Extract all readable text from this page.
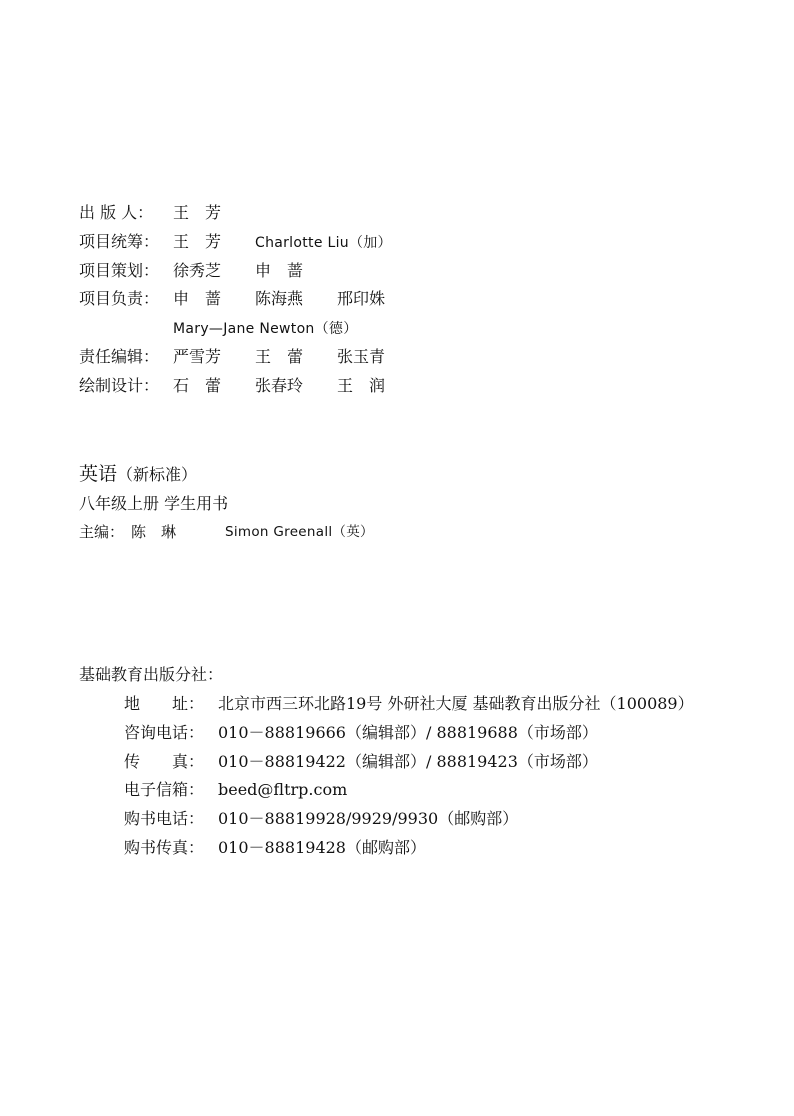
出 版 人：	王　芳
项目统筹： 王　芳 Charlotte Liu（加）
项目策划： 徐秀芝 申　蔷
项目负责： 申　蔷 陈海燕 邢印姝
Mary—Jane Newton（德）
责任编辑： 严雪芳 王　蕾 张玉青
绘制设计： 石　蕾 张春玲 王　润
英语（新标准）
八年级上册 学生用书
主编： 陈　琳	Simon Greenall（英）
基础教育出版分社：
地　　址： 北京市西三环北路19号 外研社大厦 基础教育出版分社（100089）
咨询电话： 010－88819666（编辑部）/ 88819688（市场部）
传　　真： 010－88819422（编辑部）/ 88819423（市场部）
电子信箱： beed@fltrp.com
购书电话： 010－88819928/9929/9930（邮购部）
购书传真： 010－88819428（邮购部）
